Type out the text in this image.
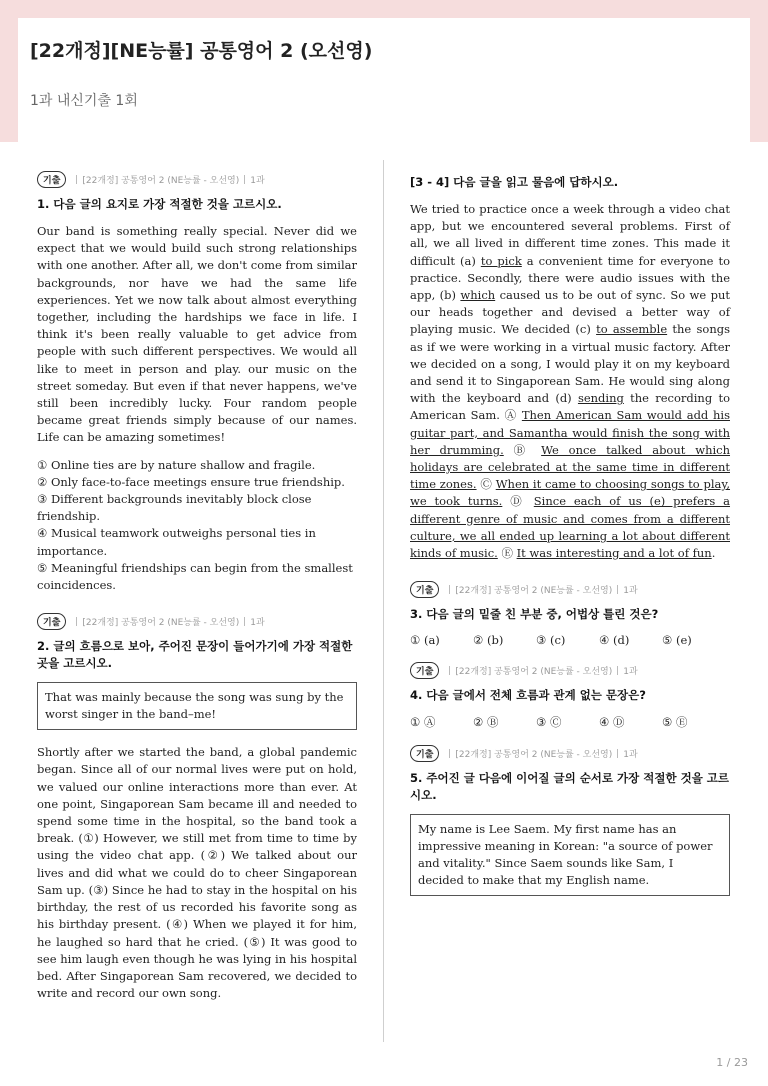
[22개정][NE능률] 공통영어 2 (오선영)
1과 내신기출 1회
기출	[22개정] 공통영어 2 (NE능률 - 오선영) 1과
1. 다음 글의 요지로 가장 적절한 것을 고르시오.

Our band is something really special. Never did we expect that we would build such strong relationships with one another. After all, we don't come from similar backgrounds, nor have we had the same life experiences. Yet we now talk about almost everything together, including the hardships we face in life. I think it's been really valuable to get advice from people with such different perspectives. We would all like to meet in person and play. our music on the street someday. But even if that never happens, we've still been incredibly lucky. Four random people became great friends simply because of our names. Life can be amazing sometimes!

① Online ties are by nature shallow and fragile.
② Only face-to-face meetings ensure true friendship.
③ Different backgrounds inevitably block close friendship.
④ Musical teamwork outweighs personal ties in importance.
⑤ Meaningful friendships can begin from the smallest coincidences.
기출	[22개정] 공통영어 2 (NE능률 - 오선영) 1과
2. 글의 흐름으로 보아, 주어진 문장이 들어가기에 가장 적절한 곳을 고르시오.
That was mainly because the song was sung by the worst singer in the band–me!

Shortly after we started the band, a global pandemic began. Since all of our normal lives were put on hold, we valued our online interactions more than ever. At one point, Singaporean Sam became ill and needed to spend some time in the hospital, so the band took a break. (①) However, we still met from time to time by using the video chat app. (②) We talked about our lives and did what we could do to cheer Singaporean Sam up. (③) Since he had to stay in the hospital on his birthday, the rest of us recorded his favorite song as his birthday present. (④) When we played it for him, he laughed so hard that he cried. (⑤) It was good to see him laugh even though he was lying in his hospital bed. After Singaporean Sam recovered, we decided to write and record our own song.

[3 - 4] 다음 글을 읽고 물음에 답하시오.

We tried to practice once a week through a video chat app, but we encountered several problems. First of all, we all lived in different time zones. This made it difficult (a) to pick a convenient time for everyone to practice. Secondly, there were audio issues with the app, (b) which caused us to be out of sync. So we put our heads together and devised a better way of playing music. We decided (c) to assemble the songs as if we were working in a virtual music factory. After we decided on a song, I would play it on my keyboard and send it to Singaporean Sam. He would sing along with the keyboard and (d) sending the recording to American Sam. Ⓐ Then American Sam would add his guitar part, and Samantha would finish the song with her drumming. Ⓑ We once talked about which holidays are celebrated at the same time in different time zones. Ⓒ When it came to choosing songs to play, we took turns. Ⓓ Since each of us (e) prefers a different genre of music and comes from a different culture, we all ended up learning a lot about different kinds of music. Ⓔ It was interesting and a lot of fun.

기출	[22개정] 공통영어 2 (NE능률 - 오선영) 1과
3. 다음 글의 밑줄 친 부분 중, 어법상 틀린 것은?
① (a)	② (b)	③ (c)	④ (d)	⑤ (e)
기출	[22개정] 공통영어 2 (NE능률 - 오선영) 1과
4. 다음 글에서 전체 흐름과 관계 없는 문장은?
① Ⓐ	② Ⓑ	③ Ⓒ	④ Ⓓ	⑤ Ⓔ
기출	[22개정] 공통영어 2 (NE능률 - 오선영) 1과
5. 주어진 글 다음에 이어질 글의 순서로 가장 적절한 것을 고르시오.
My name is Lee Saem. My first name has an impressive meaning in Korean: "a source of power and vitality." Since Saem sounds like Sam, I decided to make that my English name.
1 / 23
